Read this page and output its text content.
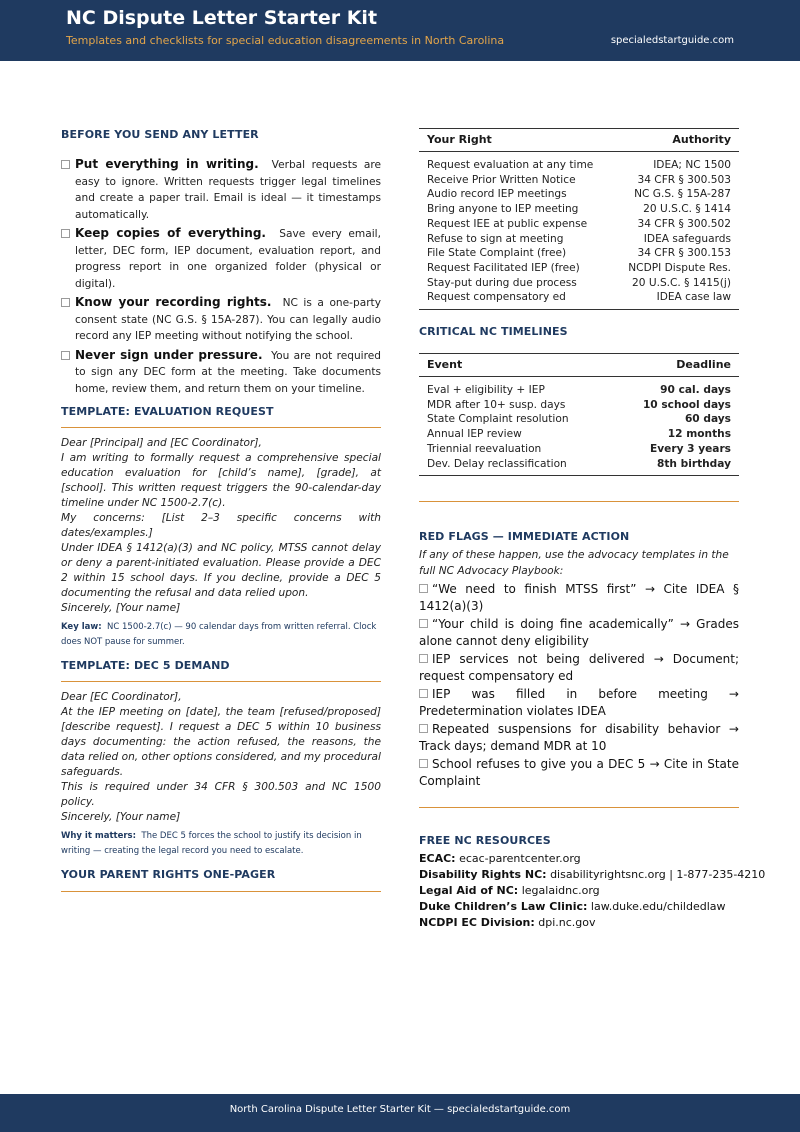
NC Dispute Letter Starter Kit
Templates and checklists for special education disagreements in North Carolina	specialedstartguide.com
BEFORE YOU SEND ANY LETTER
Put everything in writing. Verbal requests are easy to ignore. Written requests trigger legal timelines and create a paper trail. Email is ideal — it timestamps automatically.
Keep copies of everything. Save every email, letter, DEC form, IEP document, evaluation report, and progress report in one organized folder (physical or digital).
Know your recording rights. NC is a one-party consent state (NC G.S. § 15A-287). You can legally audio record any IEP meeting without notifying the school.
Never sign under pressure. You are not required to sign any DEC form at the meeting. Take documents home, review them, and return them on your timeline.
TEMPLATE: EVALUATION REQUEST

Dear [Principal] and [EC Coordinator],

I am writing to formally request a comprehensive special education evaluation for [child’s name], [grade], at [school]. This written request triggers the 90-calendar-day timeline under NC 1500-2.7(c).

My concerns: [List 2–3 specific concerns with dates/examples.]

Under IDEA § 1412(a)(3) and NC policy, MTSS cannot delay or deny a parent-initiated evaluation. Please provide a DEC 2 within 15 school days. If you decline, provide a DEC 5 documenting the refusal and data relied upon.

Sincerely, [Your name]

Key law: NC 1500-2.7(c) — 90 calendar days from written referral. Clock does NOT pause for summer.
TEMPLATE: DEC 5 DEMAND

Dear [EC Coordinator],

At the IEP meeting on [date], the team [refused/proposed] [describe request]. I request a DEC 5 within 10 business days documenting: the action refused, the reasons, the data relied on, other options considered, and my procedural safeguards.

This is required under 34 CFR § 300.503 and NC 1500 policy.

Sincerely, [Your name]

Why it matters: The DEC 5 forces the school to justify its decision in writing — creating the legal record you need to escalate.
YOUR PARENT RIGHTS ONE-PAGER
Your Right	Authority
Request evaluation at any time	IDEA; NC 1500
Receive Prior Written Notice	34 CFR § 300.503
Audio record IEP meetings	NC G.S. § 15A-287
Bring anyone to IEP meeting	20 U.S.C. § 1414
Request IEE at public expense	34 CFR § 300.502
Refuse to sign at meeting	IDEA safeguards
File State Complaint (free)	34 CFR § 300.153
Request Facilitated IEP (free)	NCDPI Dispute Res.
Stay-put during due process	20 U.S.C. § 1415(j)
Request compensatory ed	IDEA case law
CRITICAL NC TIMELINES
Event	Deadline
Eval + eligibility + IEP	90 cal. days
MDR after 10+ susp. days	10 school days
State Complaint resolution	60 days
Annual IEP review	12 months
Triennial reevaluation	Every 3 years
Dev. Delay reclassification	8th birthday
RED FLAGS — IMMEDIATE ACTION
If any of these happen, use the advocacy templates in the full NC Advocacy Playbook:
“We need to finish MTSS first” → Cite IDEA § 1412(a)(3)
“Your child is doing fine academically” → Grades alone cannot deny eligibility
IEP services not being delivered → Document; request compensatory ed
IEP was filled in before meeting → Predetermination violates IDEA
Repeated suspensions for disability behavior → Track days; demand MDR at 10
School refuses to give you a DEC 5 → Cite in State Complaint
FREE NC RESOURCES
ECAC: ecac-parentcenter.org
Disability Rights NC: disabilityrightsnc.org | 1-877-235-4210
Legal Aid of NC: legalaidnc.org
Duke Children’s Law Clinic: law.duke.edu/childedlaw
NCDPI EC Division: dpi.nc.gov
North Carolina Dispute Letter Starter Kit — specialedstartguide.com
